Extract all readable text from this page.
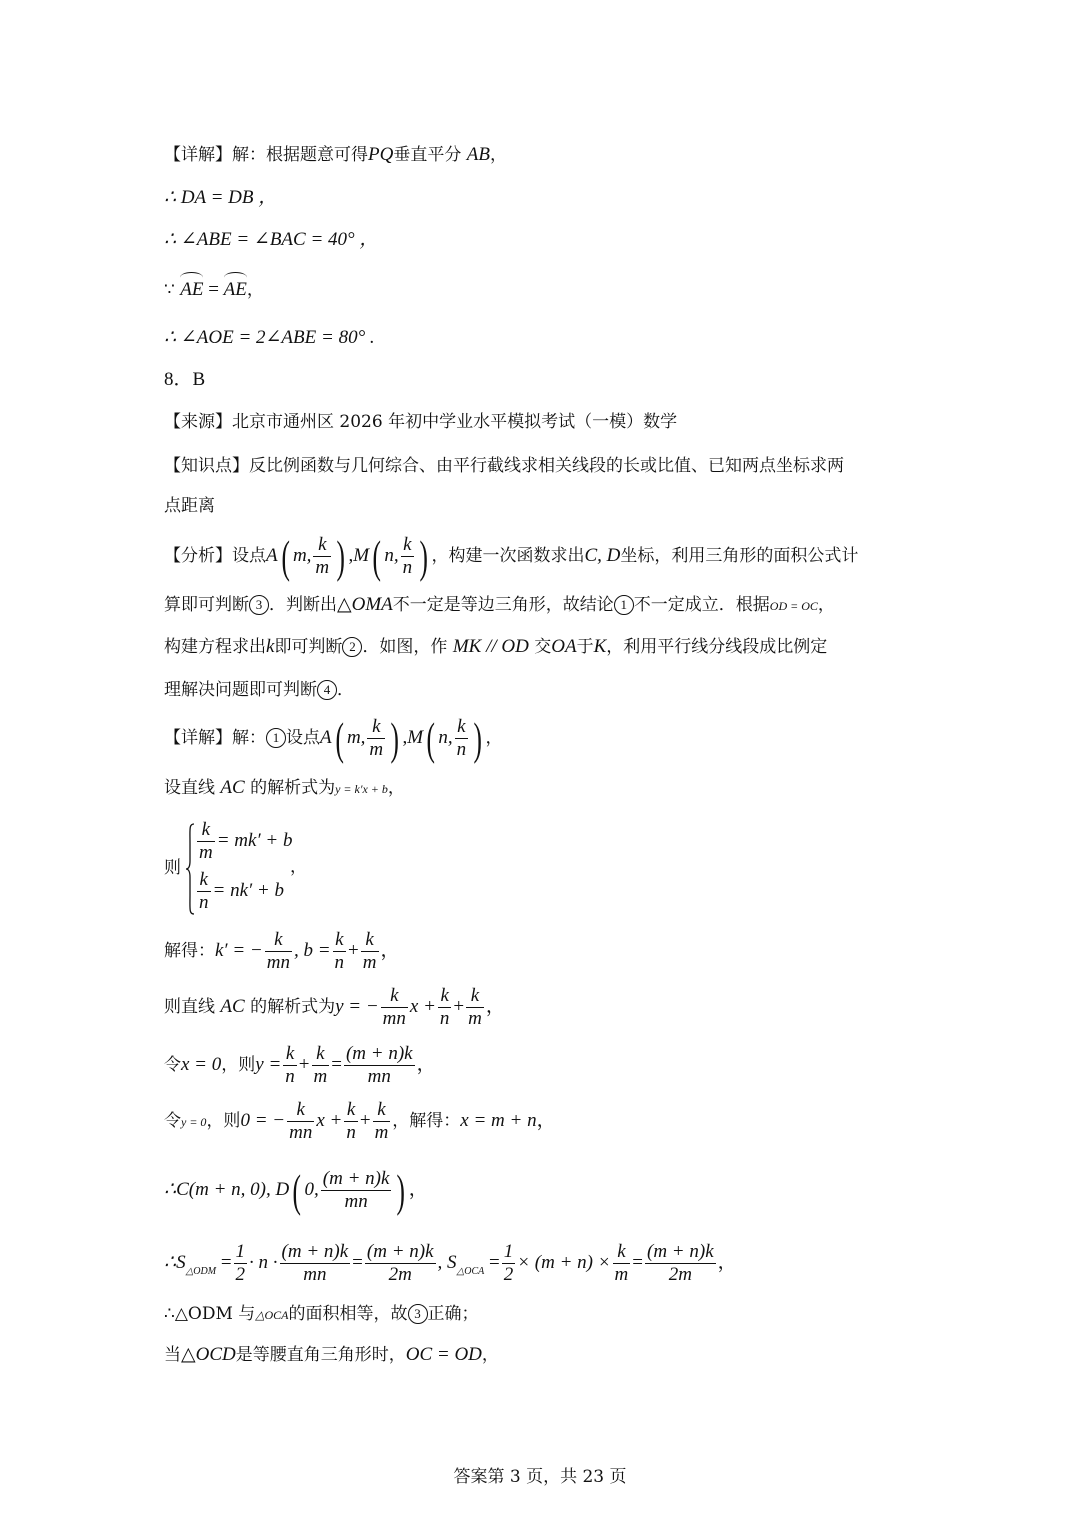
【详解】解：根据题意可得PQ垂直平分 AB，
∴ DA = DB ，
∴ ∠ABE = ∠BAC = 40° ，
∵ AE = AE，
∴ ∠AOE = 2∠ABE = 80° .
8．B
【来源】北京市通州区 2026 年初中学业水平模拟考试（一模）数学
【知识点】反比例函数与几何综合、由平行截线求相关线段的长或比值、已知两点坐标求两
点距离
【分析】设点A( m, $\frac{k}{m}$ ) ,M( n, $\frac{k}{n}$ ) ，构建一次函数求出C, D坐标，利用三角形的面积公式计
算即可判断 3 ．判断出△OMA不一定是等边三角形，故结论 1 不一定成立．根据OD = OC，
构建方程求出k即可判断 2 ．如图，作 MK // OD 交OA于K，利用平行线分线段成比例定
理解决问题即可判断 4 ．
【详解】解： 1 设点A( m, $\frac{k}{m}$ ) ,M( n, $\frac{k}{n}$ ) ，
设直线 AC 的解析式为y = k′x + b，
则
$\frac{k}{m} = mk' + b$
$\frac{k}{n} = nk' + b$
，
解得：k′ = − $\frac{k}{mn}$ , $b = \frac{k}{n} + \frac{k}{m}$ ，
则直线 AC 的解析式为y = − $\frac{k}{mn}$ $x + \frac{k}{n} + \frac{k}{m}$ ，
令x = 0，则$y = \frac{k}{n} + \frac{k}{m} = \frac{(m + n)k}{mn}$ ，
令y = 0，则0 = − $\frac{k}{mn}$ $x + \frac{k}{n} + \frac{k}{m}$ ，解得：x = m + n，
∴C(m + n, 0), D( 0, $\frac{(m + n)k}{mn}$ ) ，
$\therefore S_{\triangle ODM} = \frac{1}{2} \cdot n \cdot \frac{(m + n)k}{mn} = \frac{(m + n)k}{2m}$ , $S_{\triangle OCA} = \frac{1}{2} \times (m + n) \times \frac{k}{m} = \frac{(m + n)k}{2m}$ ，
∴△ODM 与△OCA的面积相等，故 3 正确；
当△OCD是等腰直角三角形时，OC = OD，
答案第 3 页，共 23 页
